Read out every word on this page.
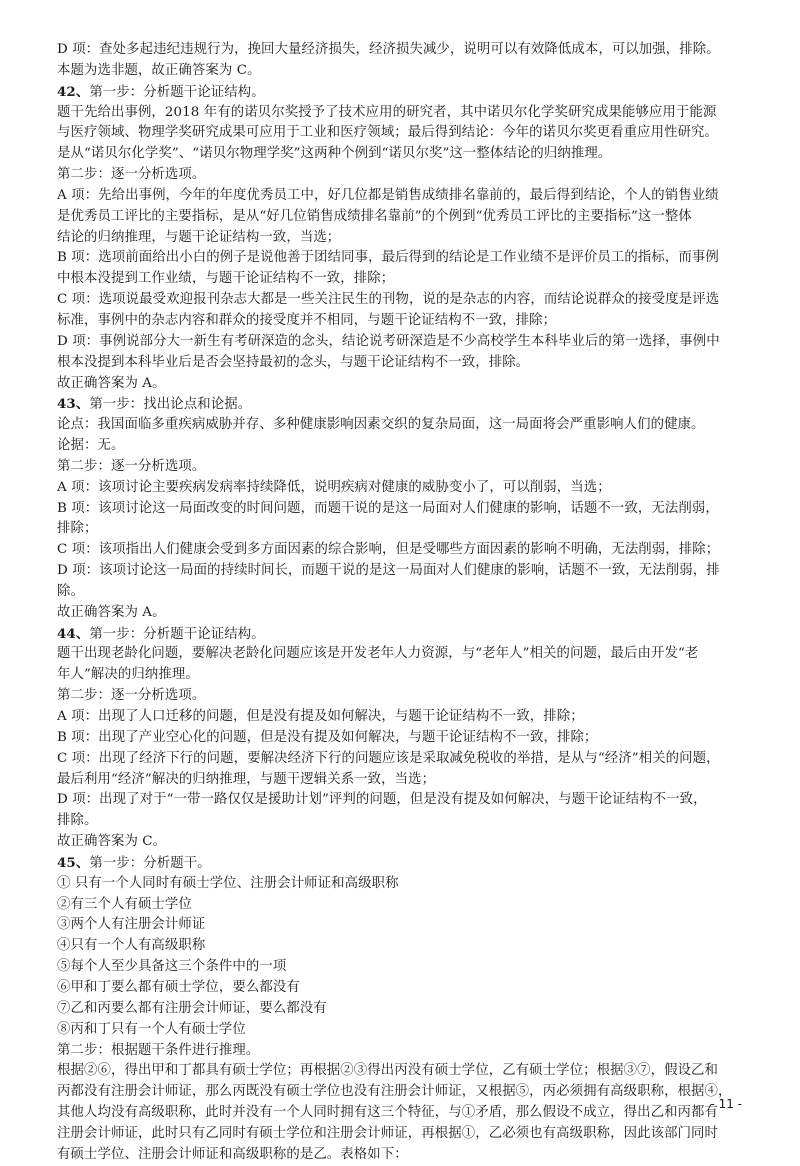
D 项：查处多起违纪违规行为，挽回大量经济损失，经济损失减少，说明可以有效降低成本，可以加强，排除。
本题为选非题，故正确答案为 C。
42、第一步：分析题干论证结构。
题干先给出事例，2018 年有的诺贝尔奖授予了技术应用的研究者，其中诺贝尔化学奖研究成果能够应用于能源
与医疗领域、物理学奖研究成果可应用于工业和医疗领域；最后得到结论：今年的诺贝尔奖更看重应用性研究。
是从“诺贝尔化学奖”、“诺贝尔物理学奖”这两种个例到“诺贝尔奖”这一整体结论的归纳推理。
第二步：逐一分析选项。
A 项：先给出事例，今年的年度优秀员工中，好几位都是销售成绩排名靠前的，最后得到结论，个人的销售业绩
是优秀员工评比的主要指标，是从“好几位销售成绩排名靠前”的个例到“优秀员工评比的主要指标”这一整体
结论的归纳推理，与题干论证结构一致，当选；
B 项：选项前面给出小白的例子是说他善于团结同事，最后得到的结论是工作业绩不是评价员工的指标，而事例
中根本没提到工作业绩，与题干论证结构不一致，排除；
C 项：选项说最受欢迎报刊杂志大都是一些关注民生的刊物，说的是杂志的内容，而结论说群众的接受度是评选
标准，事例中的杂志内容和群众的接受度并不相同，与题干论证结构不一致，排除；
D 项：事例说部分大一新生有考研深造的念头，结论说考研深造是不少高校学生本科毕业后的第一选择，事例中
根本没提到本科毕业后是否会坚持最初的念头，与题干论证结构不一致，排除。
故正确答案为 A。
43、第一步：找出论点和论据。
论点：我国面临多重疾病威胁并存、多种健康影响因素交织的复杂局面，这一局面将会严重影响人们的健康。
论据：无。
第二步：逐一分析选项。
A 项：该项讨论主要疾病发病率持续降低，说明疾病对健康的威胁变小了，可以削弱，当选；
B 项：该项讨论这一局面改变的时间问题，而题干说的是这一局面对人们健康的影响，话题不一致，无法削弱，
排除；
C 项：该项指出人们健康会受到多方面因素的综合影响，但是受哪些方面因素的影响不明确，无法削弱，排除；
D 项：该项讨论这一局面的持续时间长，而题干说的是这一局面对人们健康的影响，话题不一致，无法削弱，排
除。
故正确答案为 A。
44、第一步：分析题干论证结构。
题干出现老龄化问题，要解决老龄化问题应该是开发老年人力资源，与“老年人”相关的问题，最后由开发“老
年人”解决的归纳推理。
第二步：逐一分析选项。
A 项：出现了人口迁移的问题，但是没有提及如何解决，与题干论证结构不一致，排除；
B 项：出现了产业空心化的问题，但是没有提及如何解决，与题干论证结构不一致，排除；
C 项：出现了经济下行的问题，要解决经济下行的问题应该是采取减免税收的举措，是从与“经济”相关的问题，
最后利用“经济”解决的归纳推理，与题干逻辑关系一致，当选；
D 项：出现了对于“一带一路仅仅是援助计划”评判的问题，但是没有提及如何解决，与题干论证结构不一致，
排除。
故正确答案为 C。
45、第一步：分析题干。
① 只有一个人同时有硕士学位、注册会计师证和高级职称
②有三个人有硕士学位
③两个人有注册会计师证
④只有一个人有高级职称
⑤每个人至少具备这三个条件中的一项
⑥甲和丁要么都有硕士学位，要么都没有
⑦乙和丙要么都有注册会计师证，要么都没有
⑧丙和丁只有一个人有硕士学位
第二步：根据题干条件进行推理。
根据②⑥，得出甲和丁都具有硕士学位；再根据②③得出丙没有硕士学位，乙有硕士学位；根据③⑦，假设乙和
丙都没有注册会计师证，那么丙既没有硕士学位也没有注册会计师证，又根据⑤，丙必须拥有高级职称，根据④，
其他人均没有高级职称，此时并没有一个人同时拥有这三个特征，与①矛盾，那么假设不成立，得出乙和丙都有
注册会计师证，此时只有乙同时有硕士学位和注册会计师证，再根据①，乙必须也有高级职称，因此该部门同时
有硕士学位、注册会计师证和高级职称的是乙。表格如下：
- 11 -
